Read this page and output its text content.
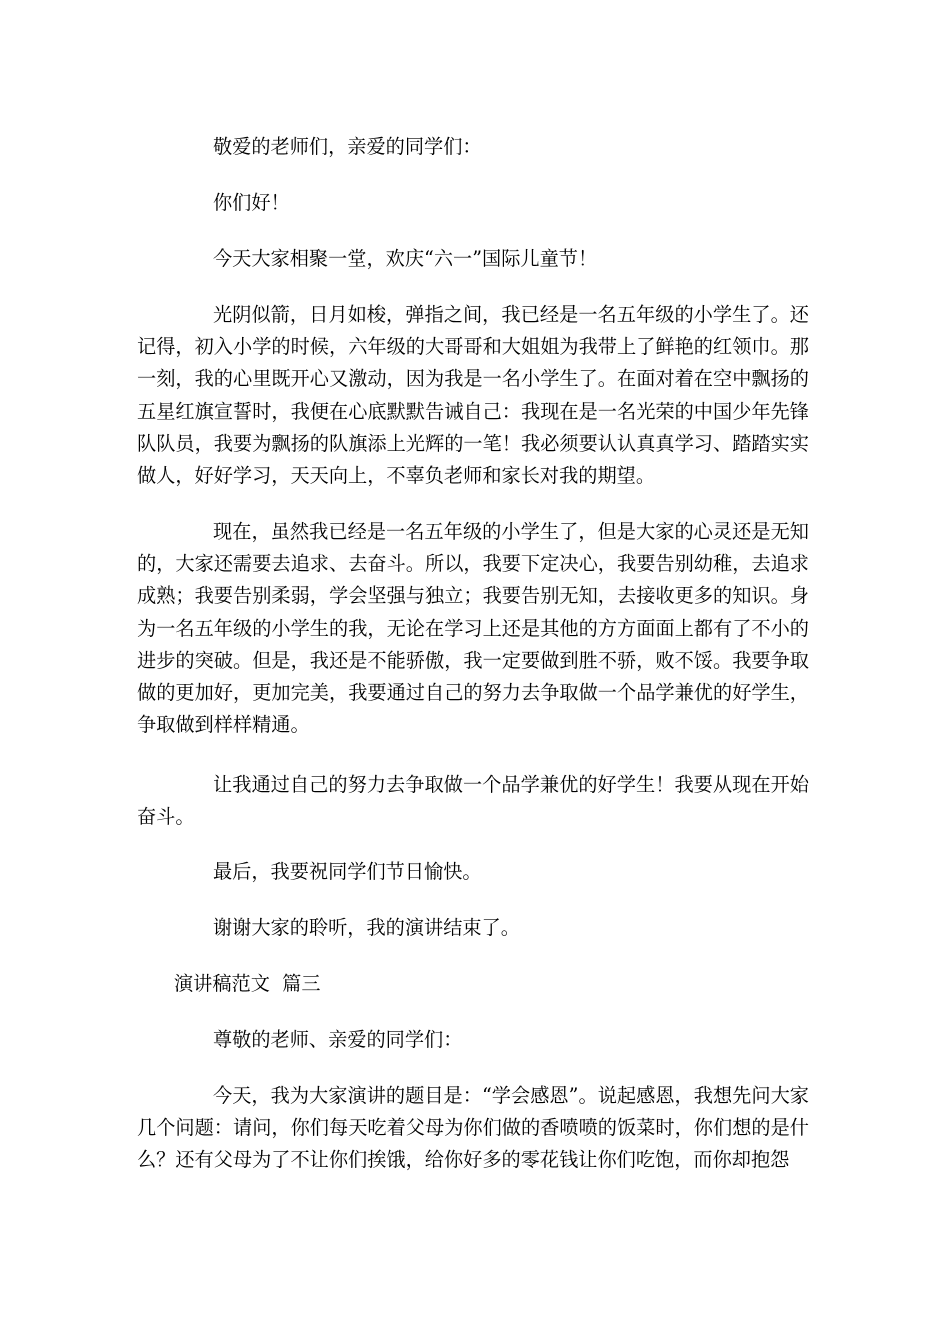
敬爱的老师们，亲爱的同学们：

你们好！

今天大家相聚一堂，欢庆“六一”国际儿童节！

光阴似箭，日月如梭，弹指之间，我已经是一名五年级的小学生了。还记得，初入小学的时候，六年级的大哥哥和大姐姐为我带上了鲜艳的红领巾。那一刻，我的心里既开心又激动，因为我是一名小学生了。在面对着在空中飘扬的五星红旗宣誓时，我便在心底默默告诫自己：我现在是一名光荣的中国少年先锋队队员，我要为飘扬的队旗添上光辉的一笔！我必须要认认真真学习、踏踏实实做人，好好学习，天天向上，不辜负老师和家长对我的期望。

现在，虽然我已经是一名五年级的小学生了，但是大家的心灵还是无知的，大家还需要去追求、去奋斗。所以，我要下定决心，我要告别幼稚，去追求成熟；我要告别柔弱，学会坚强与独立；我要告别无知，去接收更多的知识。身为一名五年级的小学生的我，无论在学习上还是其他的方方面面上都有了不小的进步的突破。但是，我还是不能骄傲，我一定要做到胜不骄，败不馁。我要争取做的更加好，更加完美，我要通过自己的努力去争取做一个品学兼优的好学生，争取做到样样精通。

让我通过自己的努力去争取做一个品学兼优的好学生！我要从现在开始奋斗。

最后，我要祝同学们节日愉快。

谢谢大家的聆听，我的演讲结束了。

演讲稿范文  篇三

尊敬的老师、亲爱的同学们：

今天，我为大家演讲的题目是：“学会感恩”。说起感恩，我想先问大家几个问题：请问，你们每天吃着父母为你们做的香喷喷的饭菜时，你们想的是什么？还有父母为了不让你们挨饿，给你好多的零花钱让你们吃饱，而你却抱怨
